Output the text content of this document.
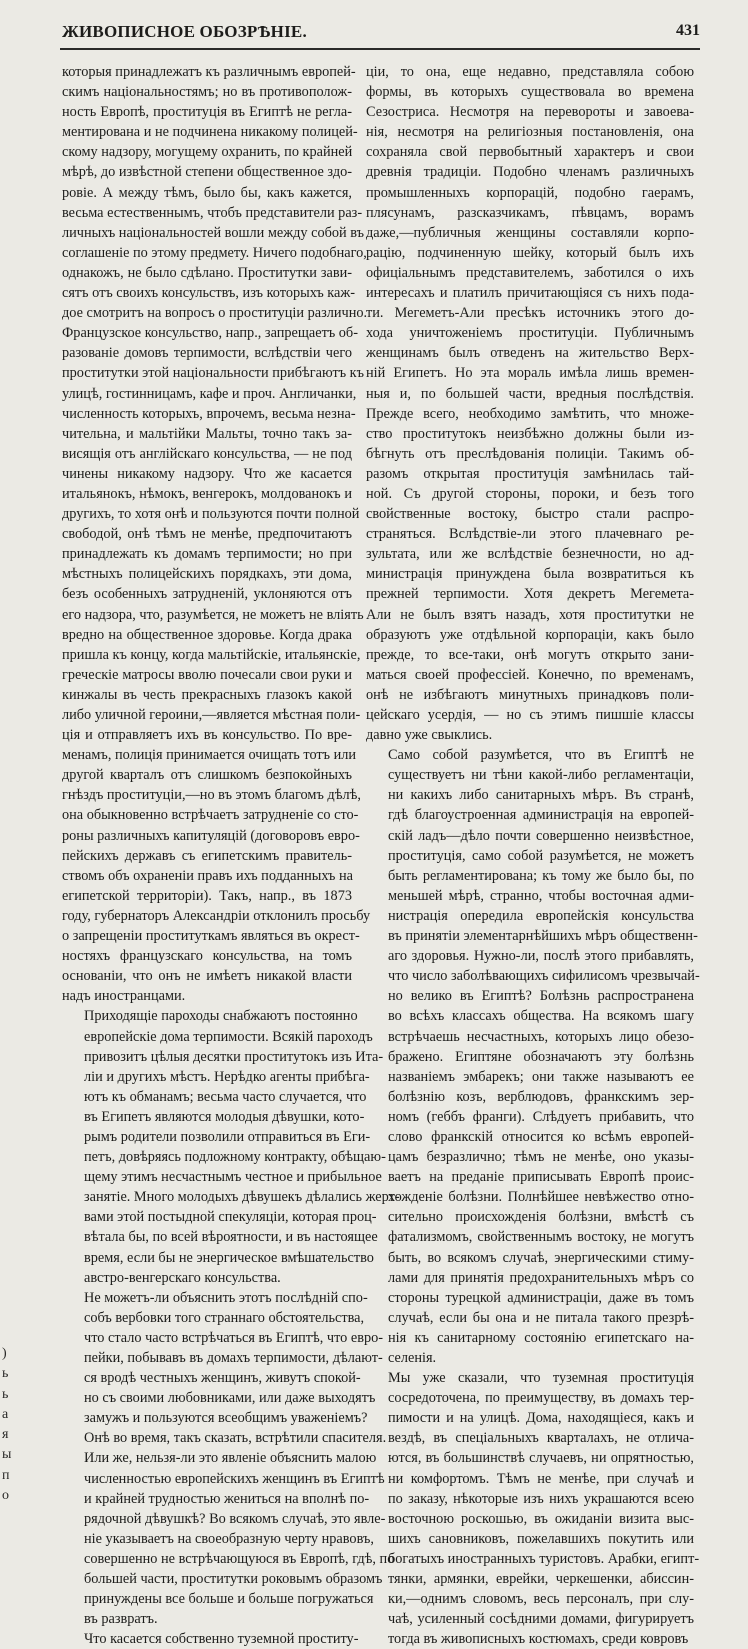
ЖИВОПИСНОЕ ОБОЗРѢНІЕ.	431

которыя принадлежатъ къ различнымъ европей-
скимъ національностямъ; но въ противополож-
ность Европѣ, проституція въ Египтѣ не регла-
ментирована и не подчинена никакому полицей-
скому надзору, могущему охранить, по крайней
мѣрѣ, до извѣстной степени общественное здо-
ровіе. А между тѣмъ, было бы, какъ кажется,
весьма естественнымъ, чтобъ представители раз-
личныхъ національностей вошли между собой въ
соглашеніе по этому предмету. Ничего подобнаго,
однакожъ, не было сдѣлано. Проститутки зави-
сятъ отъ своихъ консульствъ, изъ которыхъ каж-
дое смотритъ на вопросъ о проституціи различно.
Французское консульство, напр., запрещаетъ об-
разованіе домовъ терпимости, вслѣдствіи чего
проститутки этой національности прибѣгаютъ къ
улицѣ, гостинницамъ, кафе и проч. Англичанки,
численность которыхъ, впрочемъ, весьма незна-
чительна, и мальтійки Мальты, точно такъ за-
висящія отъ англійскаго консульства, — не под
чинены никакому надзору. Что же касается
итальянокъ, нѣмокъ, венгерокъ, молдованокъ и
другихъ, то хотя онѣ и пользуются почти полной
свободой, онѣ тѣмъ не менѣе, предпочитаютъ
принадлежать къ домамъ терпимости; но при
мѣстныхъ полицейскихъ порядкахъ, эти дома,
безъ особенныхъ затрудненій, уклоняются отъ
его надзора, что, разумѣется, не можетъ не вліять
вредно на общественное здоровье. Когда драка
пришла къ концу, когда мальтійскіе, итальянскіе,
греческіе матросы вволю почесали свои руки и
кинжалы въ честь прекрасныхъ глазокъ какой
либо уличной героини,—является мѣстная поли-
ція и отправляетъ ихъ въ консульство. По вре-
менамъ, полиція принимается очищать тотъ или
другой кварталъ отъ слишкомъ безпокойныхъ
гнѣздъ проституціи,—но въ этомъ благомъ дѣлѣ,
она обыкновенно встрѣчаетъ затрудненіе со сто-
роны различныхъ капитуляцій (договоровъ евро-
пейскихъ державъ съ египетскимъ правитель-
ствомъ объ охраненіи правъ ихъ подданныхъ на
египетской территоріи). Такъ, напр., въ 1873
году, губернаторъ Александріи отклонилъ просьбу
о запрещеніи проституткамъ являться въ окрест-
ностяхъ французскаго консульства, на томъ
основаніи, что онъ не имѣетъ никакой власти
надъ иностранцами.

Приходящіе пароходы снабжаютъ постоянно
европейскіе дома терпимости. Всякій пароходъ
привозитъ цѣлыя десятки проститутокъ изъ Ита-
ліи и другихъ мѣстъ. Нерѣдко агенты прибѣга-
ютъ къ обманамъ; весьма часто случается, что
въ Египетъ являются молодыя дѣвушки, кото-
рымъ родители позволили отправиться въ Еги-
петъ, довѣряясь подложному контракту, обѣщаю-
щему этимъ несчастнымъ честное и прибыльное
занятіе. Много молодыхъ дѣвушекъ дѣлались жерт-
вами этой постыдной спекуляціи, которая проц-
вѣтала бы, по всей вѣроятности, и въ настоящее
время, если бы не энергическое вмѣшательство
австро-венгерскаго консульства.

Не можетъ-ли объяснить этотъ послѣдній спо-
собъ вербовки того страннаго обстоятельства,
что стало часто встрѣчаться въ Египтѣ, что евро-
пейки, побывавъ въ домахъ терпимости, дѣлают-
ся вродѣ честныхъ женщинъ, живутъ спокой-
но съ своими любовниками, или даже выходятъ
замужъ и пользуются всеобщимъ уваженіемъ?
Онѣ во время, такъ сказать, встрѣтили спасителя.
Или же, нельзя-ли это явленіе объяснить малою
численностью европейскихъ женщинъ въ Египтѣ
и крайней трудностью жениться на вполнѣ по-
рядочной дѣвушкѣ? Во всякомъ случаѣ, это явле-
ніе указываетъ на своеобразную черту нравовъ,
совершенно не встрѣчающуюся въ Европѣ, гдѣ, по
большей части, проститутки роковымъ образомъ
принуждены все больше и больше погружаться
въ развратъ.

Что касается собственно туземной проститу-

ціи, то она, еще недавно, представляла собою
формы, въ которыхъ существовала во времена
Сезостриса. Несмотря на перевороты и завоева-
нія, несмотря на религіозныя постановленія, она
сохраняла свой первобытный характеръ и свои
древнія традиціи. Подобно членамъ различныхъ
промышленныхъ корпорацій, подобно гаерамъ,
плясунамъ, разсказчикамъ, пѣвцамъ, ворамъ
даже,—публичныя женщины составляли корпо-
рацію, подчиненную шейку, который былъ ихъ
офиціальнымъ представителемъ, заботился о ихъ
интересахъ и платилъ причитающіяся съ нихъ пода-
ти. Мегеметъ-Али пресѣкъ источникъ этого до-
хода уничтоженіемъ проституціи. Публичнымъ
женщинамъ былъ отведенъ на жительство Верх-
ній Египетъ. Но эта мораль имѣла лишь времен-
ныя и, по большей части, вредныя послѣдствія.
Прежде всего, необходимо замѣтить, что множе-
ство проститутокъ неизбѣжно должны были из-
бѣгнуть отъ преслѣдованія полиціи. Такимъ об-
разомъ открытая проституція замѣнилась тай-
ной. Съ другой стороны, пороки, и безъ того
свойственные востоку, быстро стали распро-
страняться. Вслѣдствіе-ли этого плачевнаго ре-
зультата, или же вслѣдствіе безнечности, но ад-
министрація принуждена была возвратиться къ
прежней терпимости. Хотя декретъ Мегемета-
Али не былъ взятъ назадъ, хотя проститутки не
образуютъ уже отдѣльной корпораціи, какъ было
прежде, то все-таки, онѣ могутъ открыто зани-
маться своей профессіей. Конечно, по временамъ,
онѣ не избѣгаютъ минутныхъ принадковъ поли-
цейскаго усердія, — но съ этимъ пишшіе классы
давно уже свыклись.

Само собой разумѣется, что въ Египтѣ не
существуетъ ни тѣни какой-либо регламентаціи,
ни какихъ либо санитарныхъ мѣръ. Въ странѣ,
гдѣ благоустроенная администрація на европей-
скій ладъ—дѣло почти совершенно неизвѣстное,
проституція, само собой разумѣется, не можетъ
быть регламентирована; къ тому же было бы, по
меньшей мѣрѣ, странно, чтобы восточная адми-
нистрація опередила европейскія консульства
въ принятіи элементарнѣйшихъ мѣръ общественн-
аго здоровья. Нужно-ли, послѣ этого прибавлять,
что число заболѣвающихъ сифилисомъ чрезвычай-
но велико въ Египтѣ? Болѣзнь распространена
во всѣхъ классахъ общества. На всякомъ шагу
встрѣчаешь несчастныхъ, которыхъ лицо обезо-
бражено. Египтяне обозначаютъ эту болѣзнь
названіемъ эмбарекъ; они также называютъ ее
болѣзнію козъ, верблюдовъ, франкскимъ зер-
номъ (геббъ франги). Слѣдуетъ прибавить, что
слово франкскій относится ко всѣмъ европей-
цамъ безразлично; тѣмъ не менѣе, оно указы-
ваетъ на преданіе приписывать Европѣ проис-
хожденіе болѣзни. Полнѣйшее невѣжество отно-
сительно происхожденія болѣзни, вмѣстѣ съ
фатализмомъ, свойственнымъ востоку, не могутъ
быть, во всякомъ случаѣ, энергическими стиму-
лами для принятія предохранительныхъ мѣръ со
стороны турецкой администраціи, даже въ томъ
случаѣ, если бы она и не питала такого презрѣ-
нія къ санитарному состоянію египетскаго на-
селенія.

Мы уже сказали, что туземная проституція
сосредоточена, по преимуществу, въ домахъ тер-
пимости и на улицѣ. Дома, находящіеся, какъ и
вездѣ, въ спеціальныхъ кварталахъ, не отлича-
ются, въ большинствѣ случаевъ, ни опрятностью,
ни комфортомъ. Тѣмъ не менѣе, при случаѣ и
по заказу, нѣкоторые изъ нихъ украшаются всею
восточною роскошью, въ ожиданіи визита выс-
шихъ сановниковъ, пожелавшихъ покутить или
богатыхъ иностранныхъ туристовъ. Арабки, египт-
тянки, армянки, еврейки, черкешенки, абисcин-
ки,—однимъ словомъ, весь персоналъ, при слу-
чаѣ, усиленный сосѣдними домами, фигурируетъ
тогда въ живописныхъ костюмахъ, среди ковровъ

)
ь
ь
а
я
ы
п
о
